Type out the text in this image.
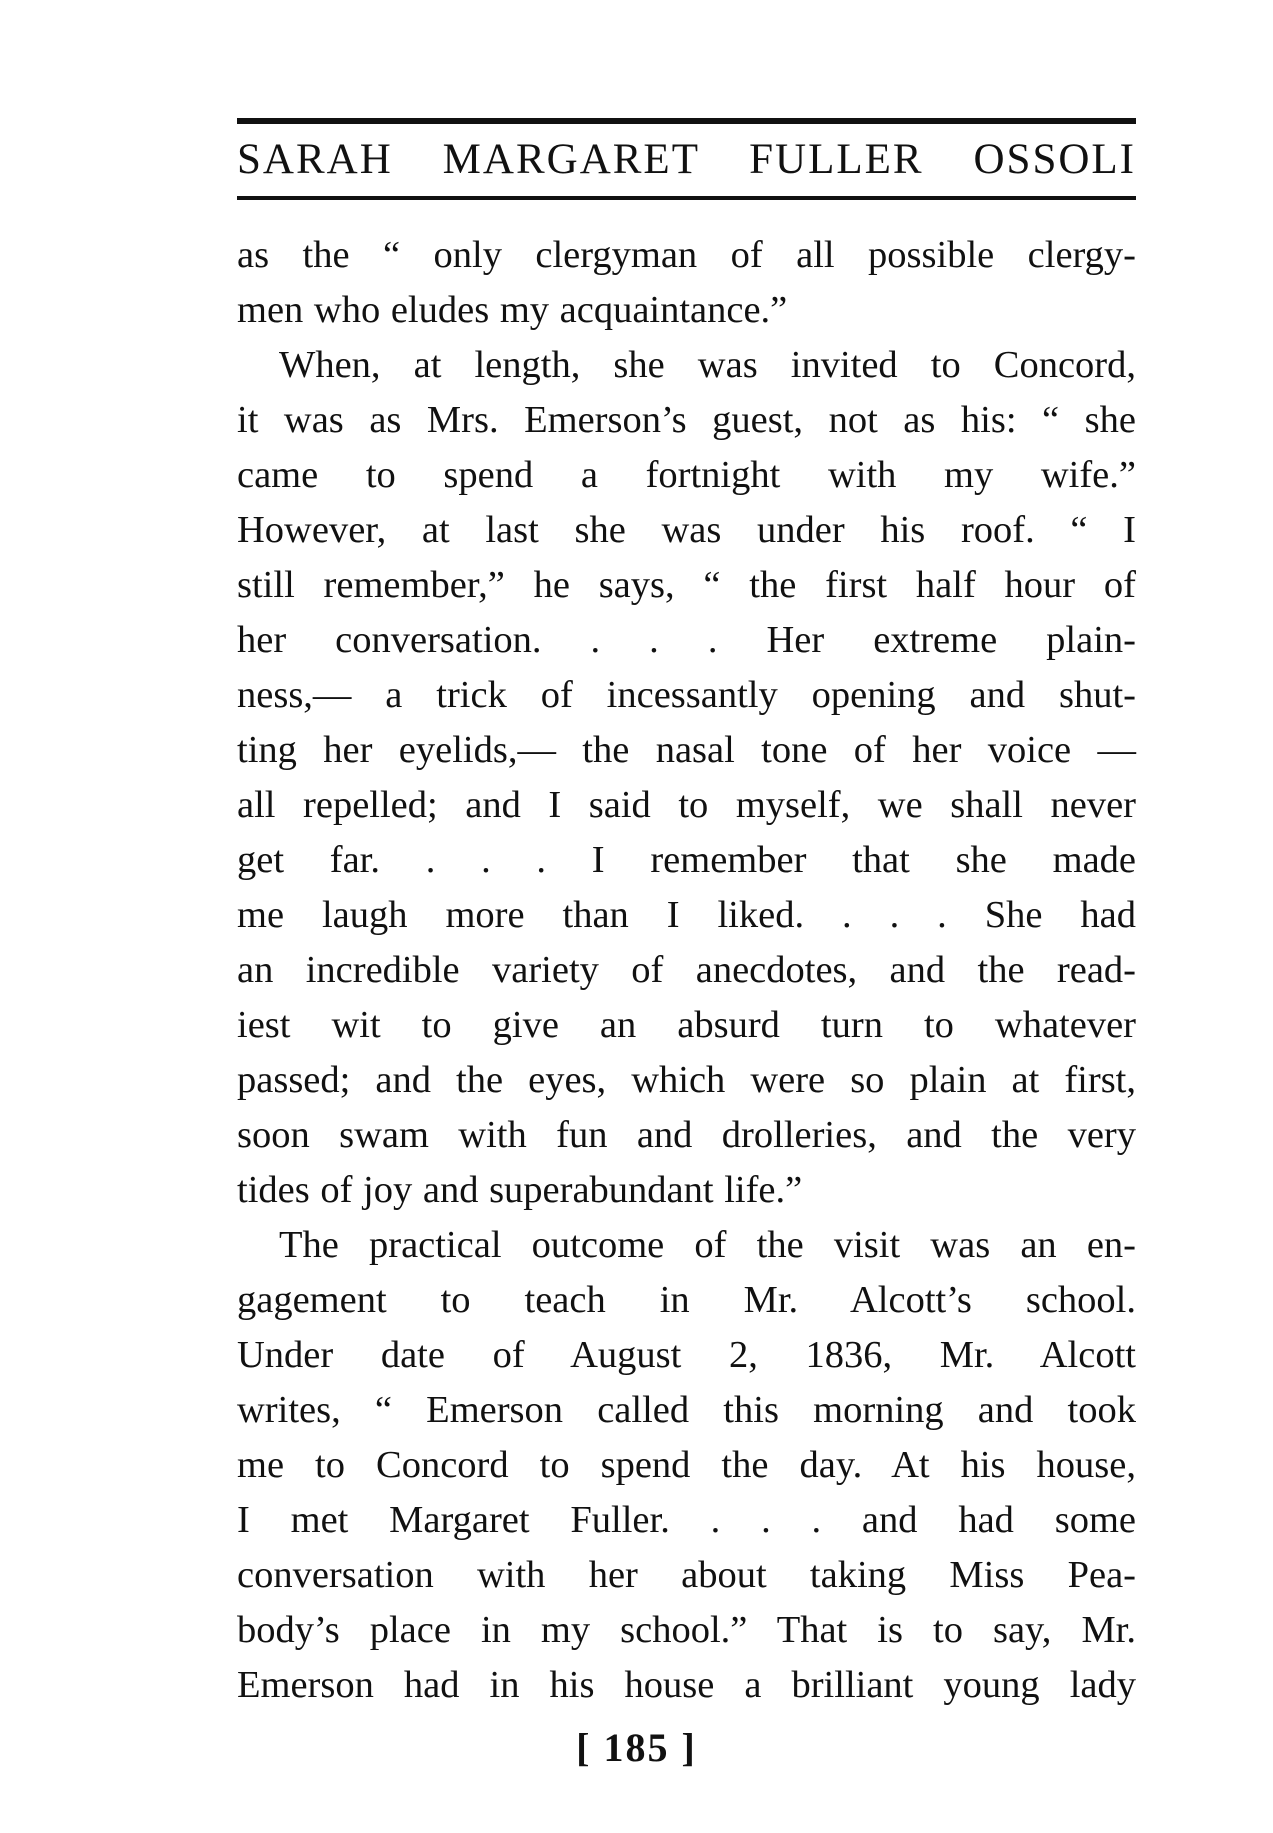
SARAH MARGARET FULLER OSSOLI
as the “ only clergyman of all possible clergy-
men who eludes my acquaintance.”
When, at length, she was invited to Concord,
it was as Mrs. Emerson’s guest, not as his: “ she
came to spend a fortnight with my wife.”
However, at last she was under his roof. “ I
still remember,” he says, “ the first half hour of
her conversation. . . . Her extreme plain-
ness,— a trick of incessantly opening and shut-
ting her eyelids,— the nasal tone of her voice —
all repelled; and I said to myself, we shall never
get far. . . . I remember that she made
me laugh more than I liked. . . . She had
an incredible variety of anecdotes, and the read-
iest wit to give an absurd turn to whatever
passed; and the eyes, which were so plain at first,
soon swam with fun and drolleries, and the very
tides of joy and superabundant life.”
The practical outcome of the visit was an en-
gagement to teach in Mr. Alcott’s school.
Under date of August 2, 1836, Mr. Alcott
writes, “ Emerson called this morning and took
me to Concord to spend the day. At his house,
I met Margaret Fuller. . . . and had some
conversation with her about taking Miss Pea-
body’s place in my school.” That is to say, Mr.
Emerson had in his house a brilliant young lady
[ 185 ]
